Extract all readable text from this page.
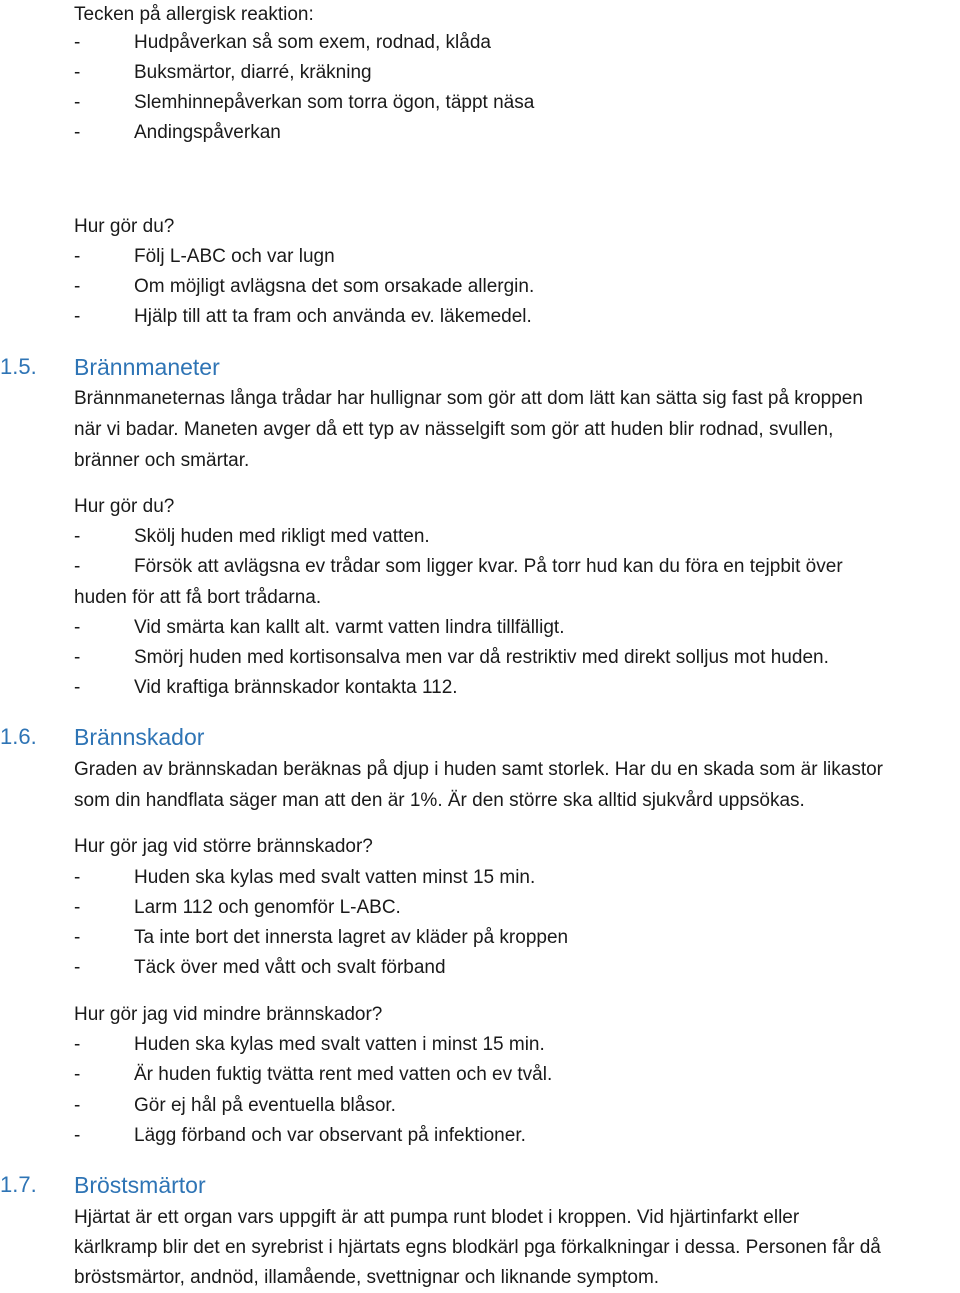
Tecken på allergisk reaktion:
-	Hudpåverkan så som exem, rodnad, klåda
-	Buksmärtor, diarré, kräkning
-	Slemhinnepåverkan som torra ögon, täppt näsa
-	Andingspåverkan
Hur gör du?
-	Följ L-ABC och var lugn
-	Om möjligt avlägsna det som orsakade allergin.
-	Hjälp till att ta fram och använda ev. läkemedel.
1.5. Brännmaneter
Brännmaneternas långa trådar har hullignar som gör att dom lätt kan sätta sig fast på kroppen
när vi badar. Maneten avger då ett typ av nässelgift som gör att huden blir rodnad, svullen,
bränner och smärtar.
Hur gör du?
-	Skölj huden med rikligt med vatten.
-	Försök att avlägsna ev trådar som ligger kvar. På torr hud kan du föra en tejpbit över
huden för att få bort trådarna.
-	Vid smärta kan kallt alt. varmt vatten lindra tillfälligt.
-	Smörj huden med kortisonsalva men var då restriktiv med direkt solljus mot huden.
-	Vid kraftiga brännskador kontakta 112.
1.6. Brännskador
Graden av brännskadan beräknas på djup i huden samt storlek. Har du en skada som är likastor
som din handflata säger man att den är 1%. Är den större ska alltid sjukvård uppsökas.
Hur gör jag vid större brännskador?
-	Huden ska kylas med svalt vatten minst 15 min.
-	Larm 112 och genomför L-ABC.
-	Ta inte bort det innersta lagret av kläder på kroppen
-	Täck över med vått och svalt förband
Hur gör jag vid mindre brännskador?
-	Huden ska kylas med svalt vatten i minst 15 min.
-	Är huden fuktig tvätta rent med vatten och ev tvål.
-	Gör ej hål på eventuella blåsor.
-	Lägg förband och var observant på infektioner.
1.7. Bröstsmärtor
Hjärtat är ett organ vars uppgift är att pumpa runt blodet i kroppen. Vid hjärtinfarkt eller
kärlkramp blir det en syrebrist i hjärtats egns blodkärl pga förkalkningar i dessa. Personen får då
bröstsmärtor, andnöd, illamående, svettnignar och liknande symptom.
